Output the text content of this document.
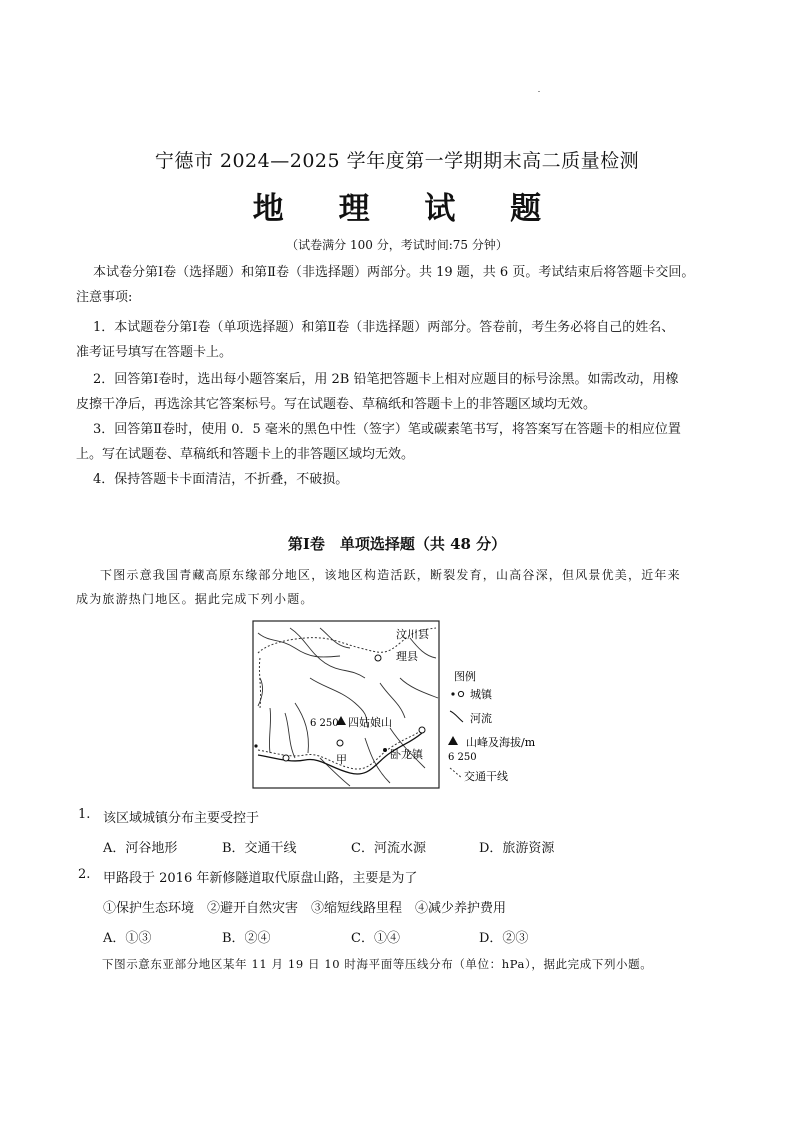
宁德市 2024—2025 学年度第一学期期末高二质量检测
地 理 试 题
（试卷满分 100 分，考试时间:75 分钟）
本试卷分第Ⅰ卷（选择题）和第Ⅱ卷（非选择题）两部分。共 19 题，共 6 页。考试结束后将答题卡交回。
注意事项:
1．本试题卷分第Ⅰ卷（单项选择题）和第Ⅱ卷（非选择题）两部分。答卷前，考生务必将自己的姓名、
准考证号填写在答题卡上。
2．回答第Ⅰ卷时，选出每小题答案后，用 2B 铅笔把答题卡上相对应题目的标号涂黑。如需改动，用橡
皮擦干净后，再选涂其它答案标号。写在试题卷、草稿纸和答题卡上的非答题区域均无效。
3．回答第Ⅱ卷时，使用 0．5 毫米的黑色中性（签字）笔或碳素笔书写，将答案写在答题卡的相应位置
上。写在试题卷、草稿纸和答题卡上的非答题区域均无效。
4．保持答题卡卡面清洁，不折叠，不破损。
第Ⅰ卷　单项选择题（共 48 分）
下图示意我国青藏高原东缘部分地区，该地区构造活跃，断裂发育，山高谷深，但风景优美，近年来
成为旅游热门地区。据此完成下列小题。
汶川县
理县
四姑娘山
6 250
甲	卧龙镇
图例
城镇
河流
山峰及海拔/m
6 250
交通干线
1. 该区域城镇分布主要受控于
A．河谷地形	B．交通干线	C．河流水源	D．旅游资源
2. 甲路段于 2016 年新修隧道取代原盘山路，主要是为了
①保护生态环境　②避开自然灾害　③缩短线路里程　④减少养护费用
A．①③	B．②④	C．①④	D．②③
下图示意东亚部分地区某年 11 月 19 日 10 时海平面等压线分布（单位：hPa），据此完成下列小题。
